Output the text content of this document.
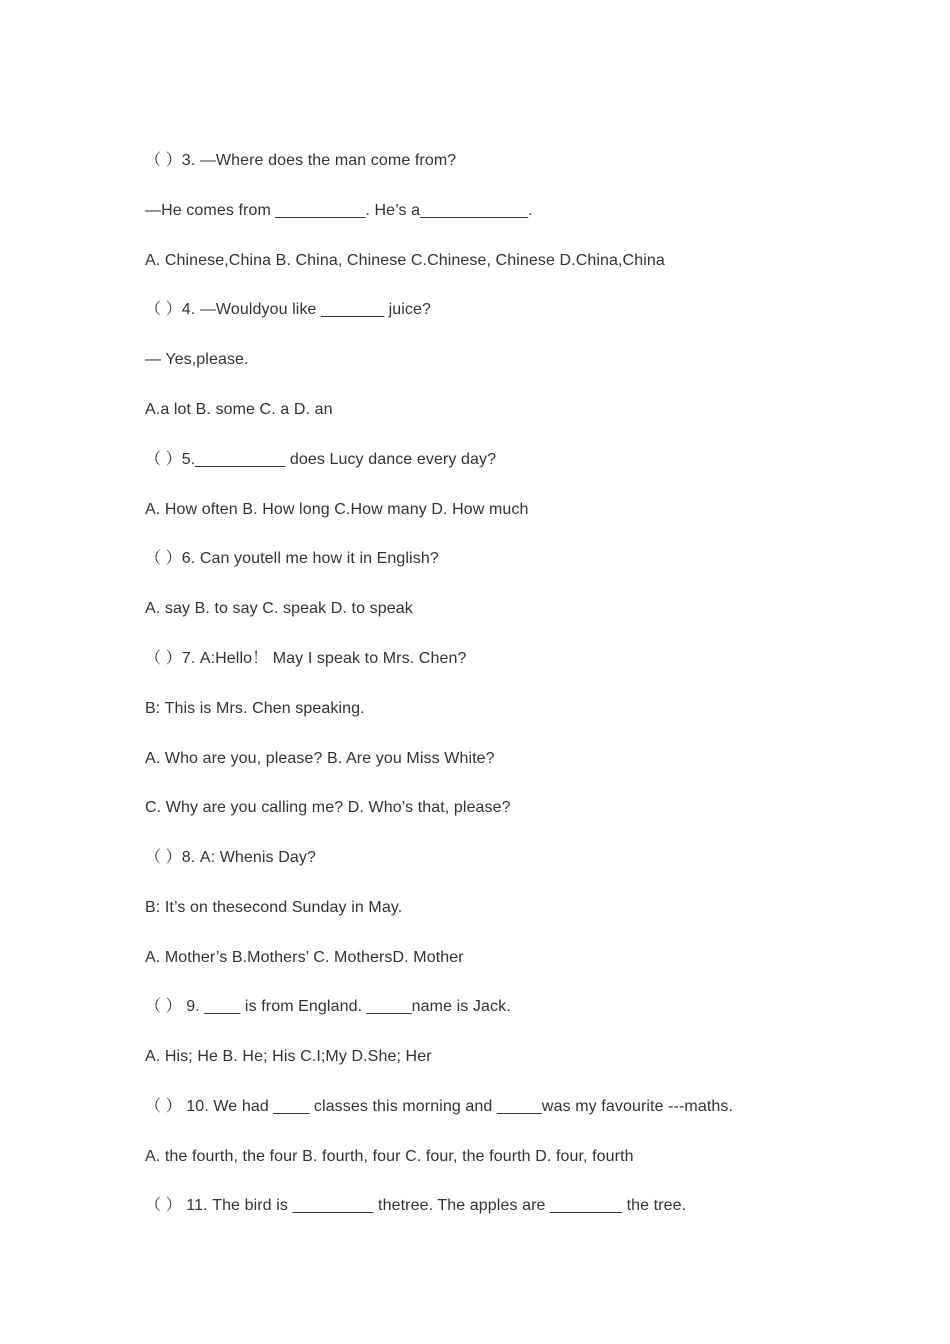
（ ）3. —Where does the man come from?
—He comes from __________. He’s a____________.
A. Chinese,China B. China, Chinese C.Chinese, Chinese D.China,China
（ ）4. —Wouldyou like _______ juice?
— Yes,please.
A.a lot B. some C. a D. an
（ ）5.__________ does Lucy dance every day?
A. How often B. How long C.How many D. How much
（ ）6. Can youtell me how it in English?
A. say B. to say C. speak D. to speak
（ ）7. A:Hello！ May I speak to Mrs. Chen?
B: This is Mrs. Chen speaking.
A. Who are you, please? B. Are you Miss White?
C. Why are you calling me? D. Who’s that, please?
（ ）8. A: Whenis Day?
B: It’s on thesecond Sunday in May.
A. Mother’s B.Mothers’ C. MothersD. Mother
（ ） 9. ____ is from England. _____name is Jack.
A. His; He B. He; His C.I;My D.She; Her
（ ） 10. We had ____ classes this morning and _____was my favourite ---maths.
A. the fourth, the four B. fourth, four C. four, the fourth D. four, fourth
（ ） 11. The bird is _________ thetree. The apples are ________ the tree.
